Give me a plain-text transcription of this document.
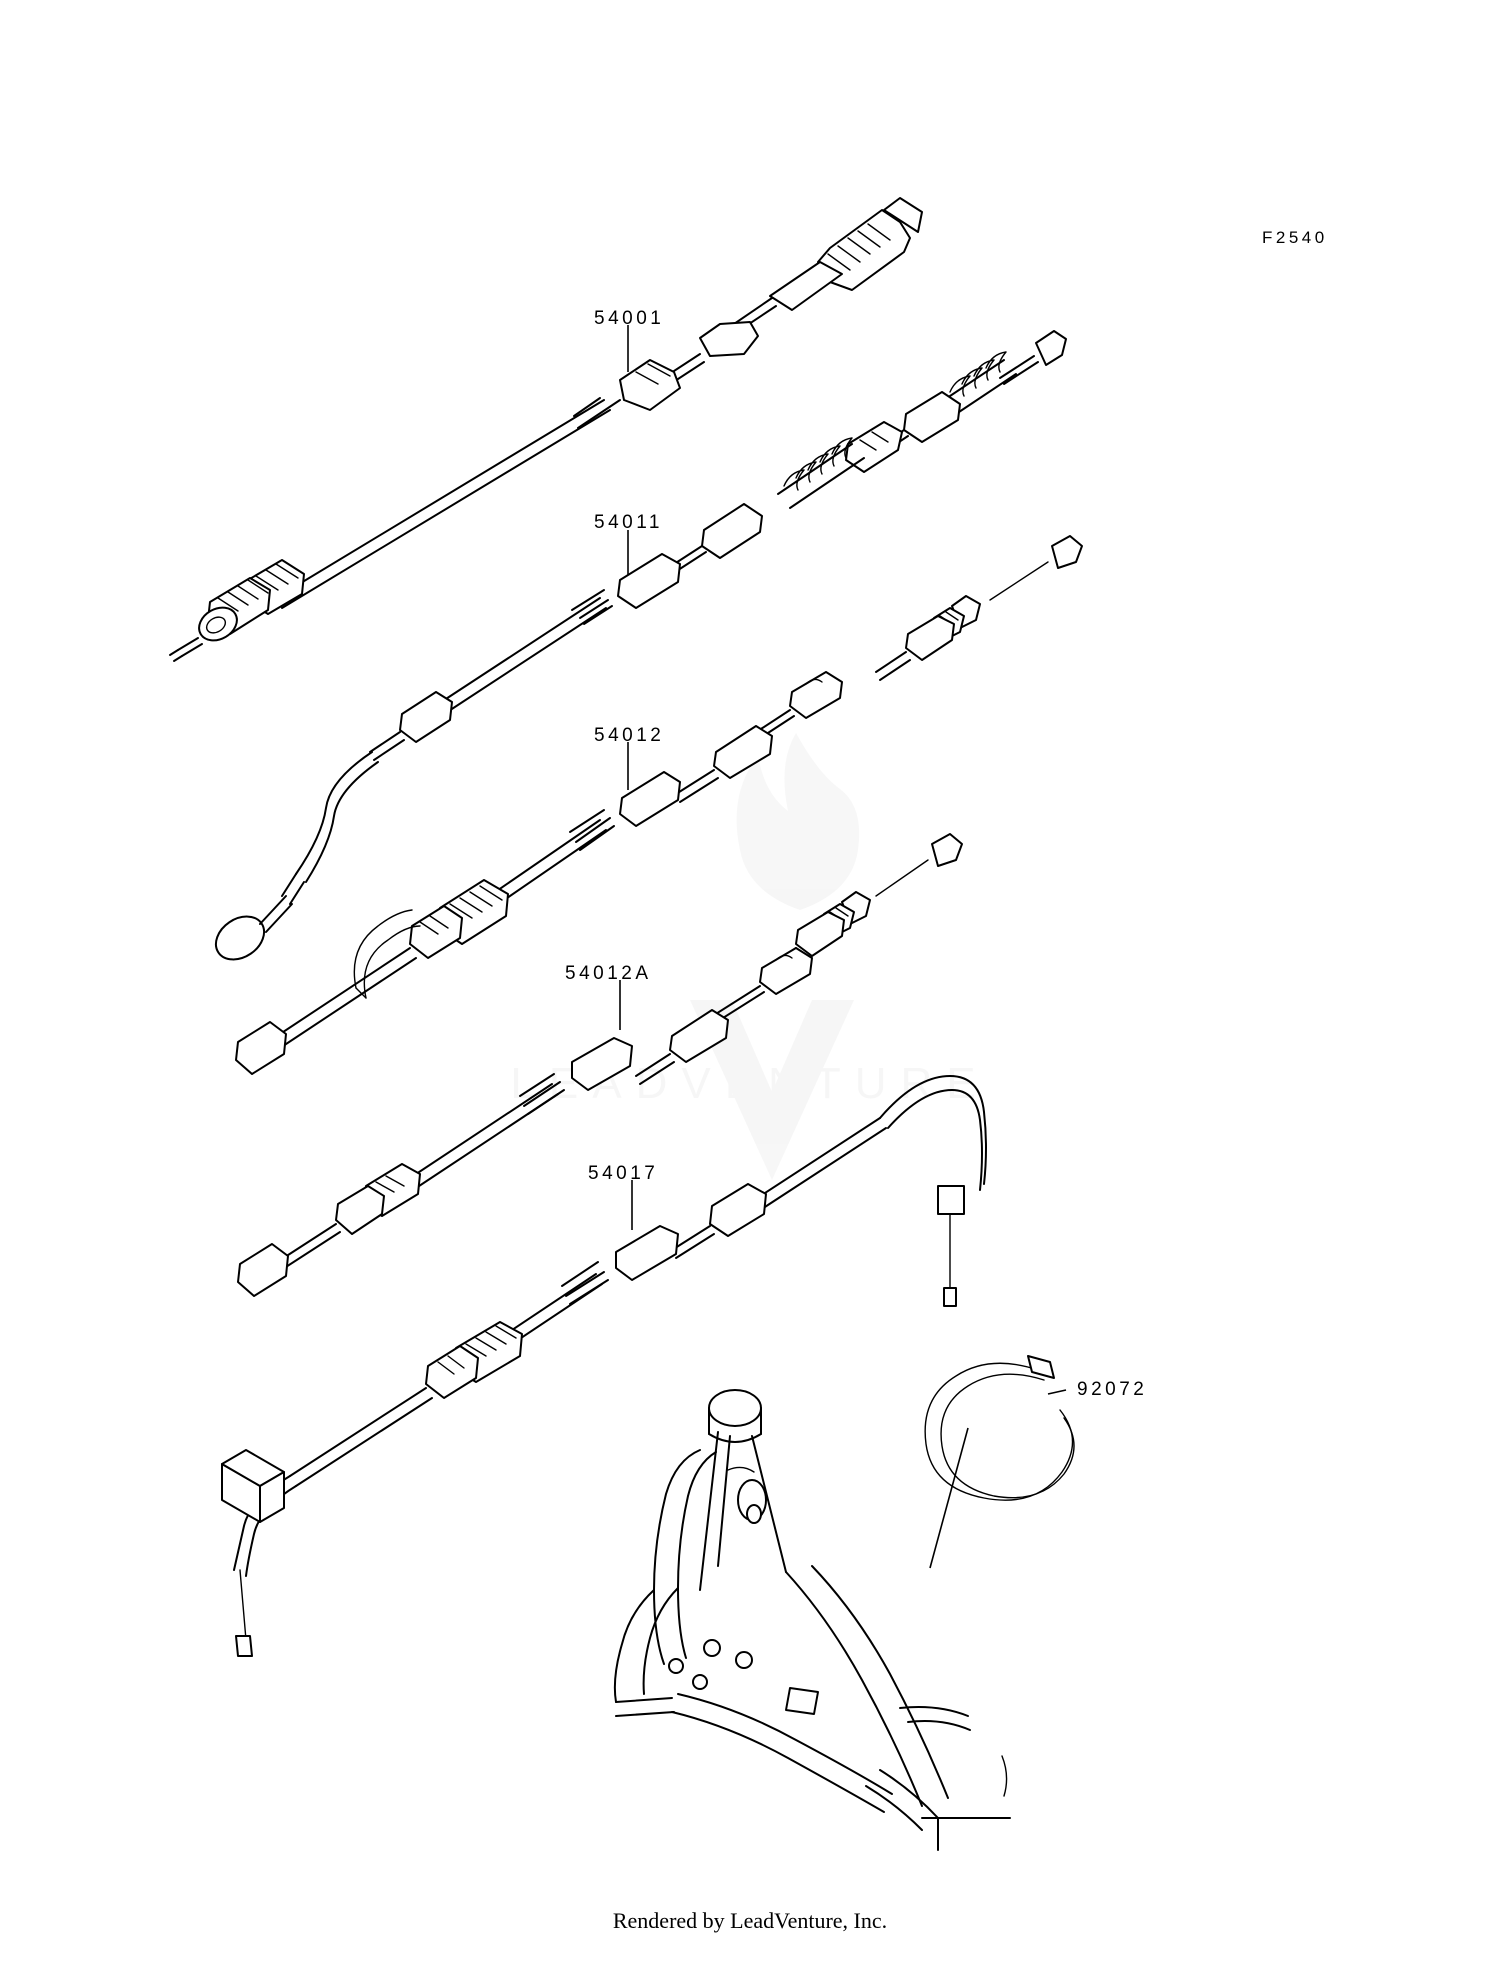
LEADVENTURE
F2540
54001
54011
54012
54012A
54017
92072
Rendered by LeadVenture, Inc.
